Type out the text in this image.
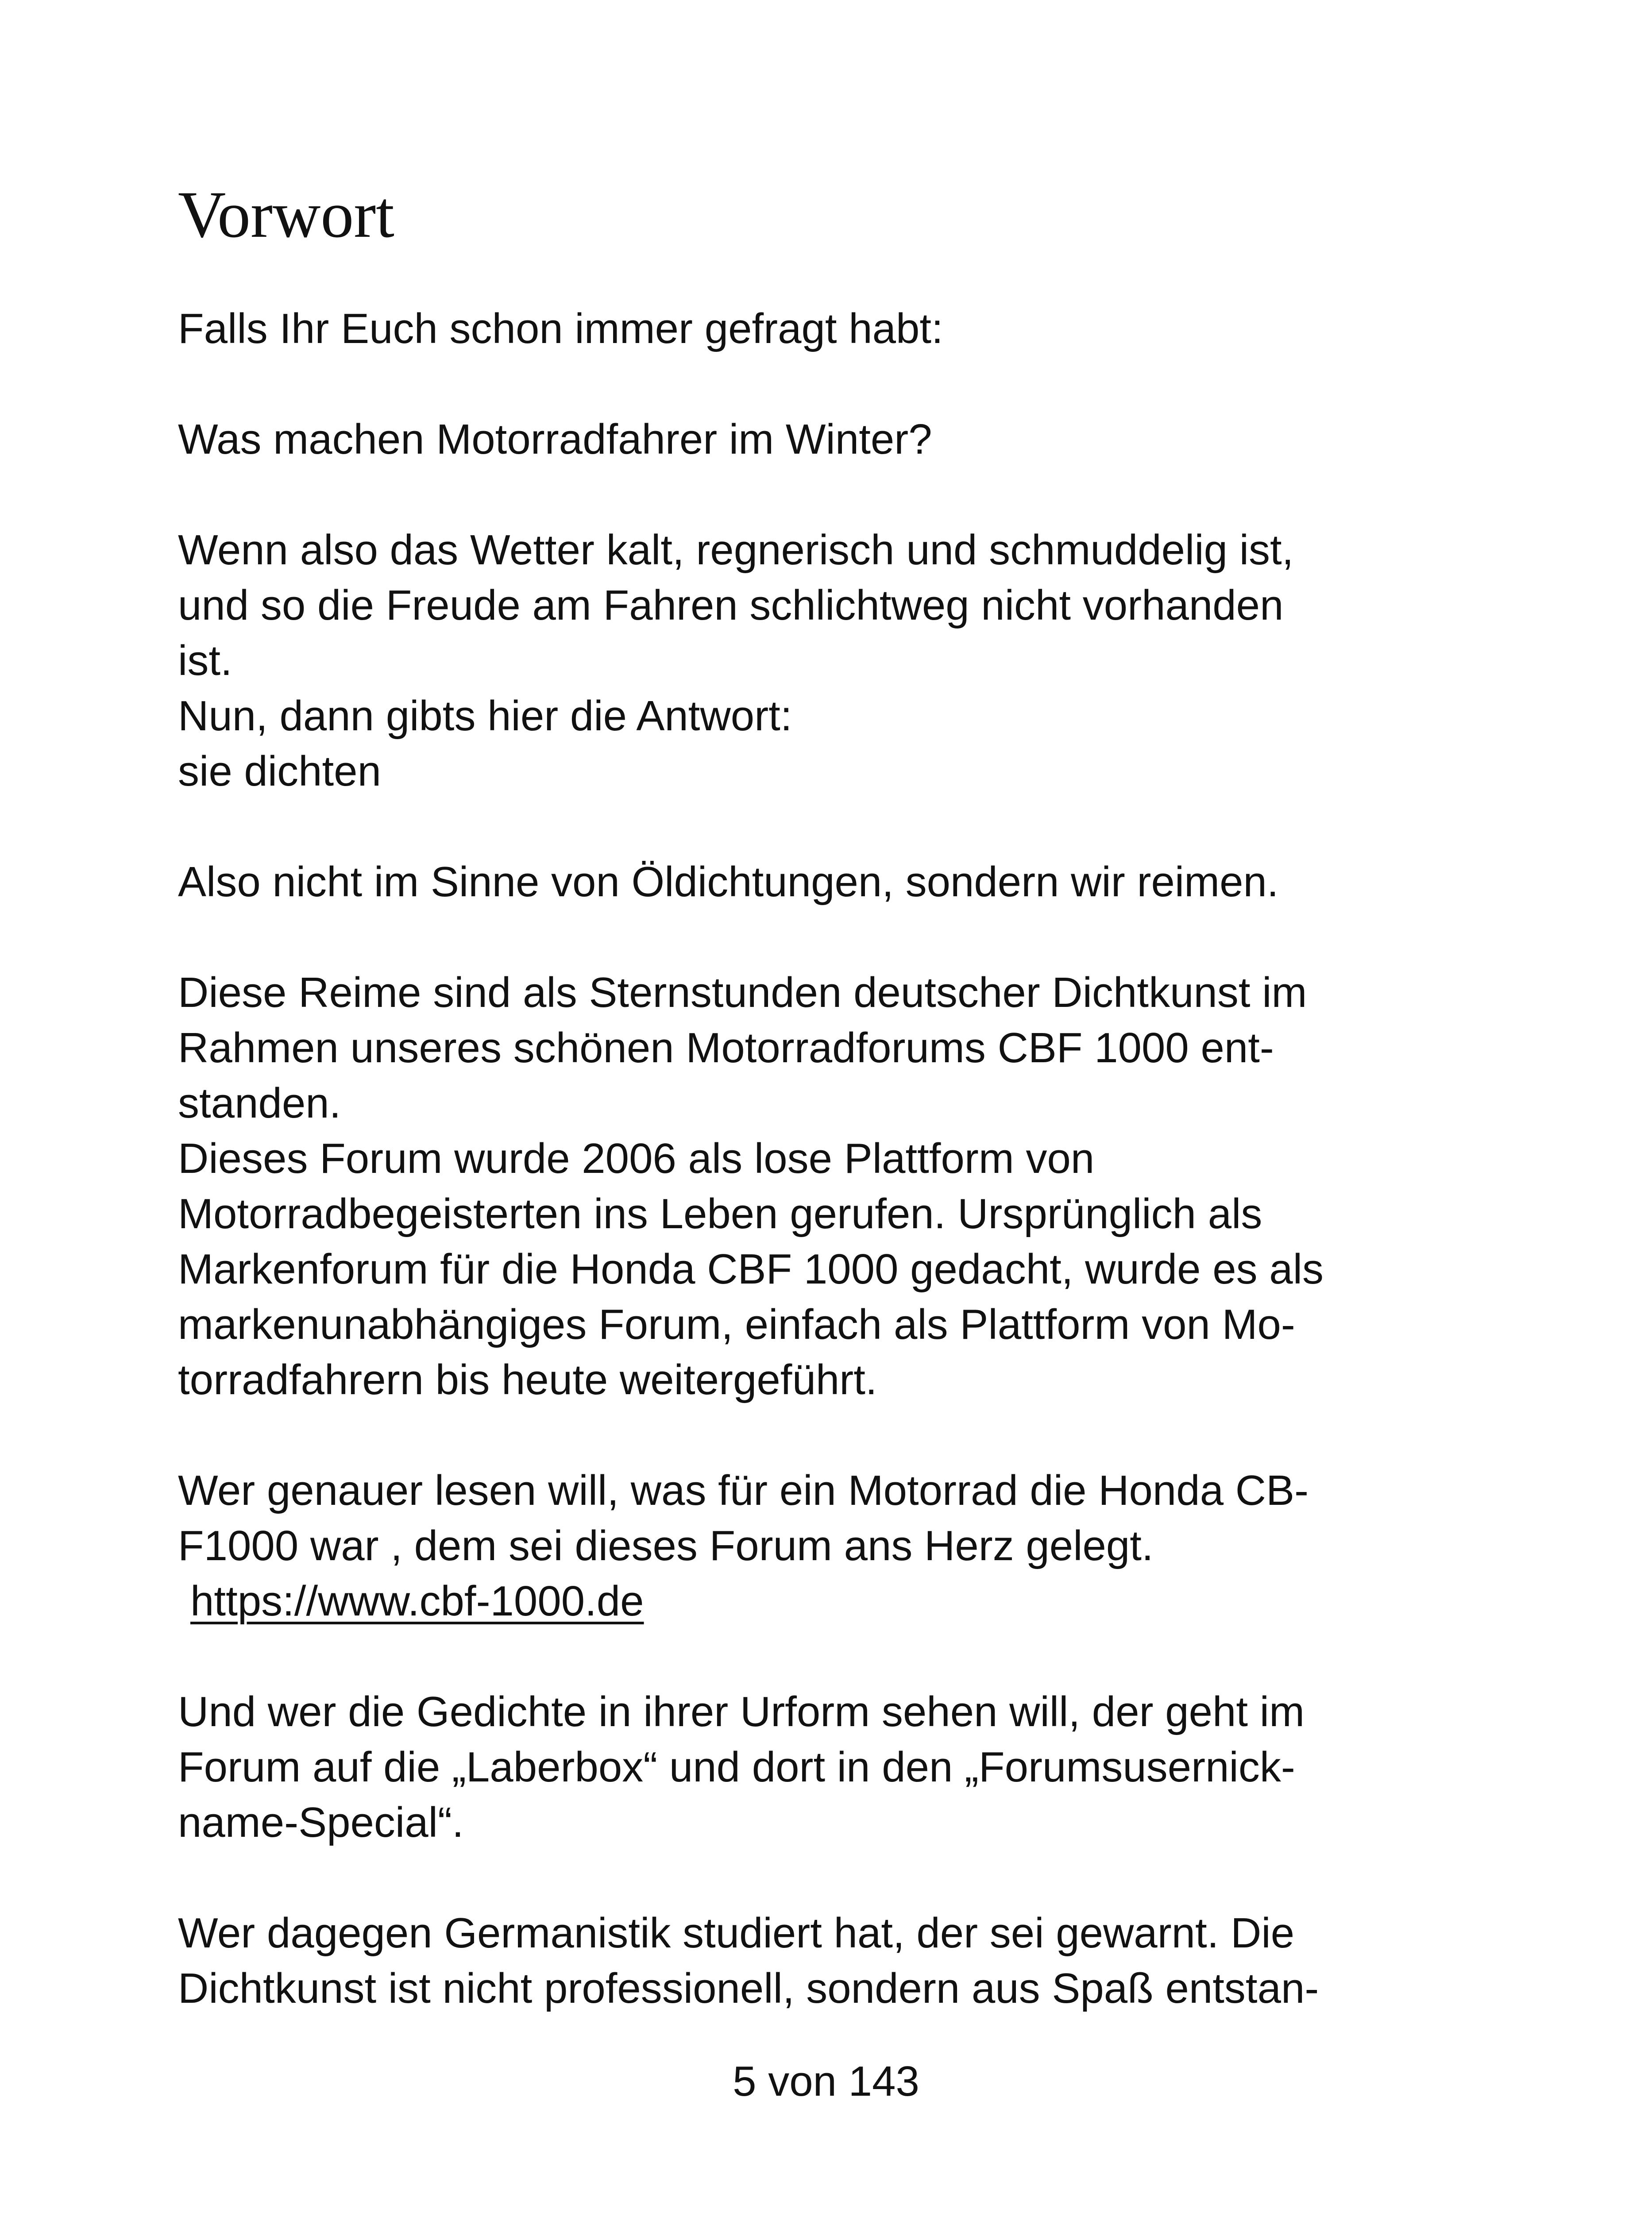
Vorwort

Falls Ihr Euch schon immer gefragt habt:

Was machen Motorradfahrer im Winter?

Wenn also das Wetter kalt, regnerisch und schmuddelig ist,

und so die Freude am Fahren schlichtweg nicht vorhanden

ist.

Nun, dann gibts hier die Antwort:

sie dichten

Also nicht im Sinne von Öldichtungen, sondern wir reimen.

Diese Reime sind als Sternstunden deutscher Dichtkunst im

Rahmen unseres schönen Motorradforums CBF 1000 ent-

standen.

Dieses Forum wurde 2006 als lose Plattform von

Motorradbegeisterten ins Leben gerufen. Ursprünglich als

Markenforum für die Honda CBF 1000 gedacht, wurde es als

markenunabhängiges Forum, einfach als Plattform von Mo-

torradfahrern bis heute weitergeführt.

Wer genauer lesen will, was für ein Motorrad die Honda CB-

F1000 war , dem sei dieses Forum ans Herz gelegt.

https://www.cbf-1000.de

Und wer die Gedichte in ihrer Urform sehen will, der geht im

Forum auf die „Laberbox“ und dort in den „Forumsusernick-

name-Special“.

Wer dagegen Germanistik studiert hat, der sei gewarnt. Die

Dichtkunst ist nicht professionell, sondern aus Spaß entstan-

5 von 143
